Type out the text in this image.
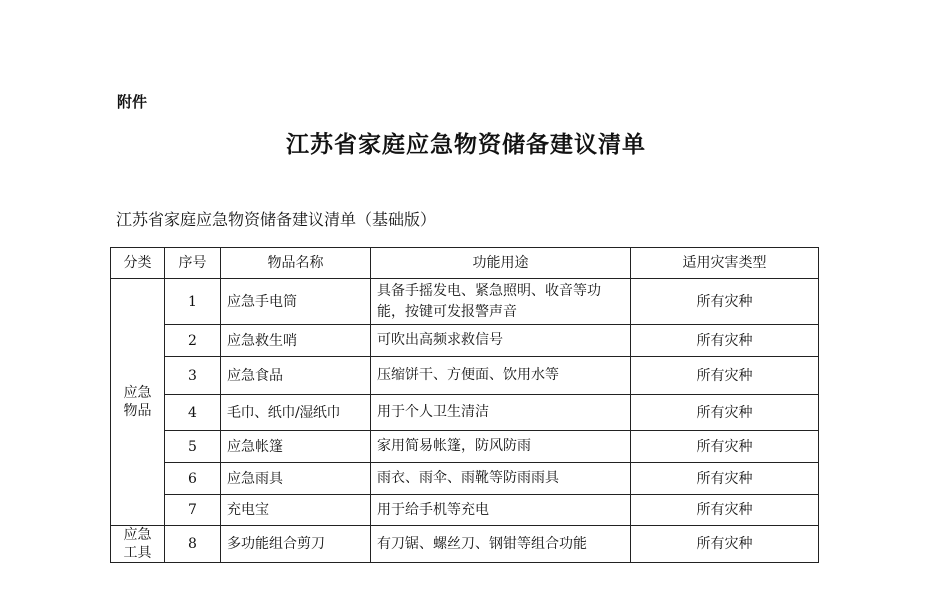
附件
江苏省家庭应急物资储备建议清单
江苏省家庭应急物资储备建议清单（基础版）
分类	序号	物品名称	功能用途	适用灾害类型

应急物品	1	应急手电筒	具备手摇发电、紧急照明、收音等功能，按键可发报警声音	所有灾种
	2	应急救生哨	可吹出高频求救信号	所有灾种
	3	应急食品	压缩饼干、方便面、饮用水等	所有灾种
	4	毛巾、纸巾/湿纸巾	用于个人卫生清洁	所有灾种
	5	应急帐篷	家用简易帐篷，防风防雨	所有灾种
	6	应急雨具	雨衣、雨伞、雨靴等防雨雨具	所有灾种
	7	充电宝	用于给手机等充电	所有灾种

应急工具	8	多功能组合剪刀	有刀锯、螺丝刀、钢钳等组合功能	所有灾种
